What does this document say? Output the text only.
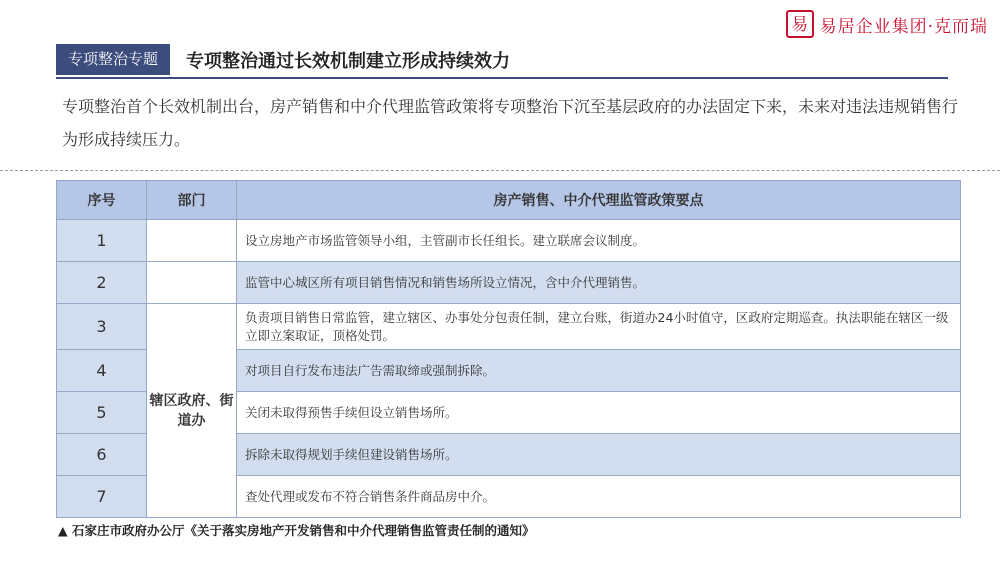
易 易居企业集团·克而瑞
专项整治专题	专项整治通过长效机制建立形成持续效力
专项整治首个长效机制出台，房产销售和中介代理监管政策将专项整治下沉至基层政府的办法固定下来，未来对违法违规销售行为形成持续压力。
序号	部门	房产销售、中介代理监管政策要点
1		设立房地产市场监管领导小组，主管副市长任组长。建立联席会议制度。
2		监管中心城区所有项目销售情况和销售场所设立情况，含中介代理销售。
3	辖区政府、街道办	负责项目销售日常监管，建立辖区、办事处分包责任制，建立台账，街道办24小时值守，区政府定期巡查。执法职能在辖区一级立即立案取证，顶格处罚。
4		对项目自行发布违法广告需取缔或强制拆除。
5		关闭未取得预售手续但设立销售场所。
6		拆除未取得规划手续但建设销售场所。
7		查处代理或发布不符合销售条件商品房中介。
▲ 石家庄市政府办公厅《关于落实房地产开发销售和中介代理销售监管责任制的通知》
